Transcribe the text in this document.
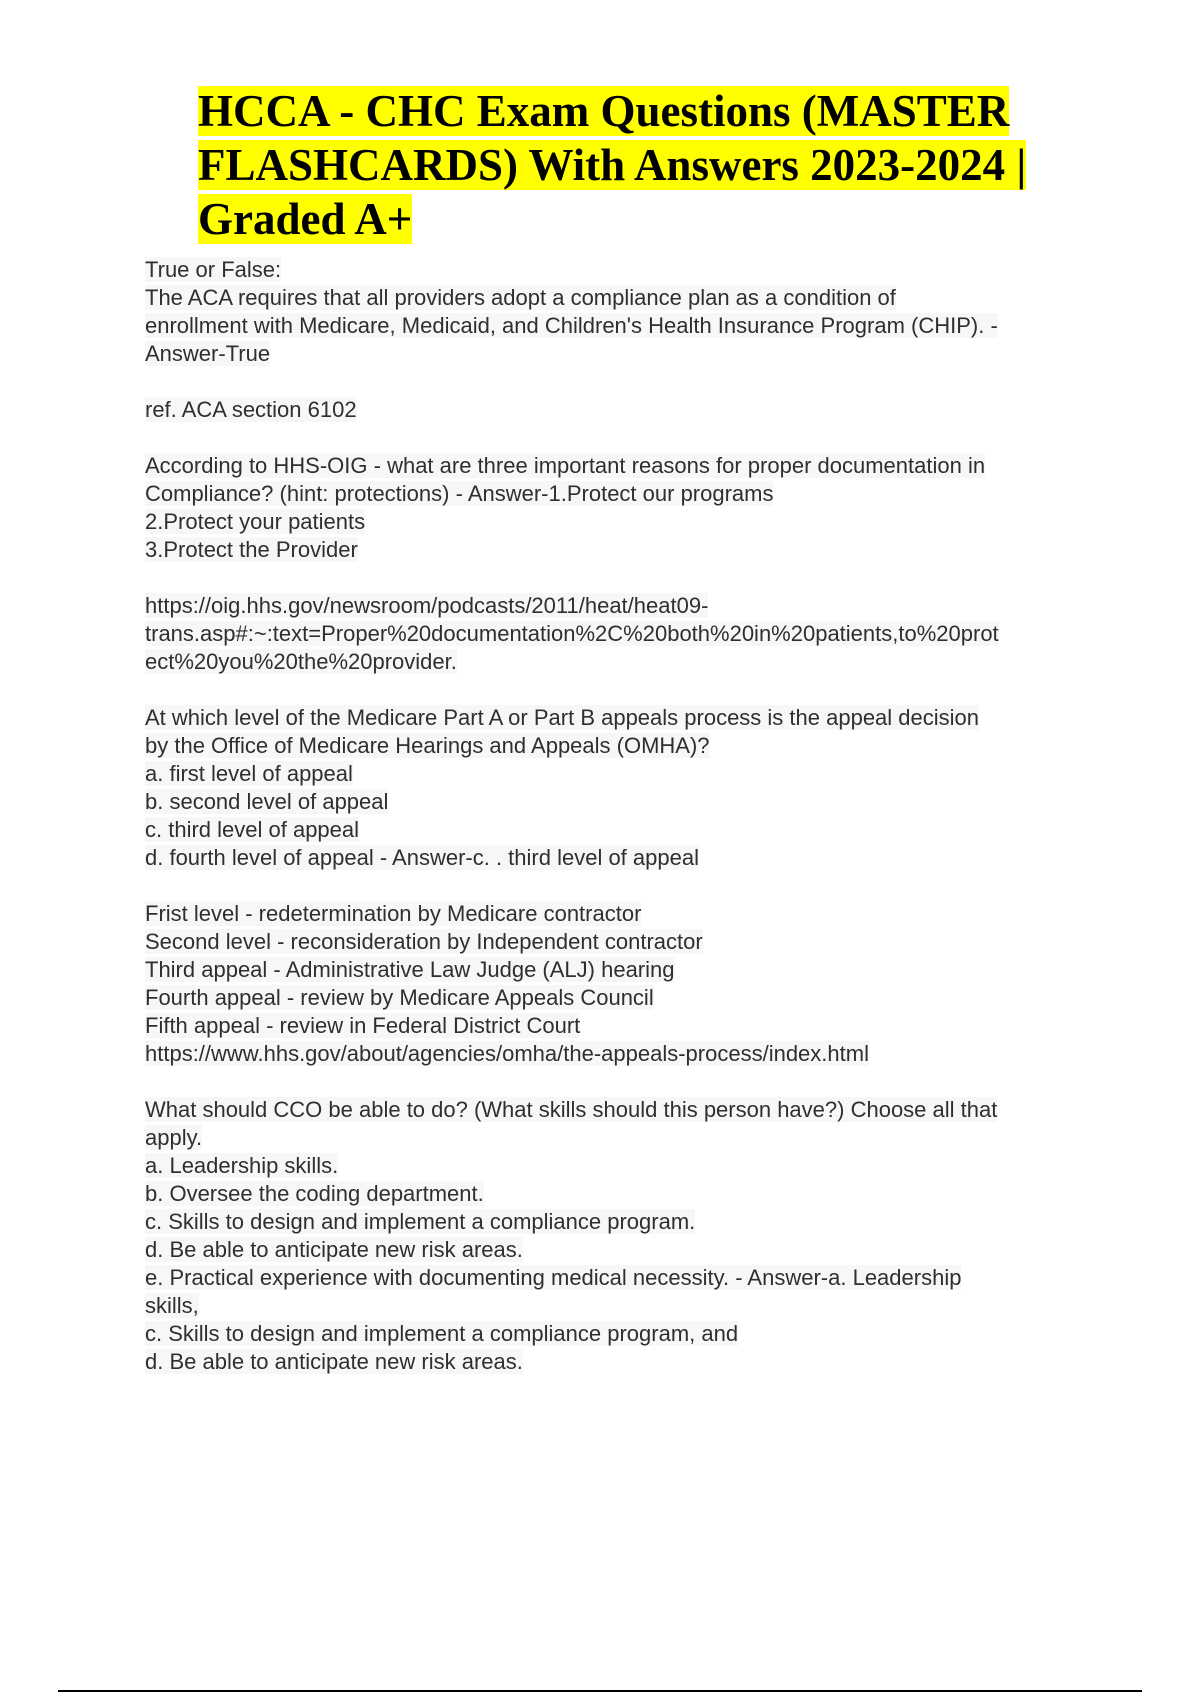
HCCA - CHC Exam Questions (MASTER
FLASHCARDS) With Answers 2023-2024 |
Graded A+
True or False:
The ACA requires that all providers adopt a compliance plan as a condition of
enrollment with Medicare, Medicaid, and Children's Health Insurance Program (CHIP). -
Answer-True
ref. ACA section 6102
According to HHS-OIG - what are three important reasons for proper documentation in
Compliance? (hint: protections) - Answer-1.Protect our programs
2.Protect your patients
3.Protect the Provider
https://oig.hhs.gov/newsroom/podcasts/2011/heat/heat09-
trans.asp#:~:text=Proper%20documentation%2C%20both%20in%20patients,to%20prot
ect%20you%20the%20provider.
At which level of the Medicare Part A or Part B appeals process is the appeal decision
by the Office of Medicare Hearings and Appeals (OMHA)?
a. first level of appeal
b. second level of appeal
c. third level of appeal
d. fourth level of appeal - Answer-c. . third level of appeal
Frist level - redetermination by Medicare contractor
Second level - reconsideration by Independent contractor
Third appeal - Administrative Law Judge (ALJ) hearing
Fourth appeal - review by Medicare Appeals Council
Fifth appeal - review in Federal District Court
https://www.hhs.gov/about/agencies/omha/the-appeals-process/index.html
What should CCO be able to do? (What skills should this person have?) Choose all that
apply.
a. Leadership skills.
b. Oversee the coding department.
c. Skills to design and implement a compliance program.
d. Be able to anticipate new risk areas.
e. Practical experience with documenting medical necessity. - Answer-a. Leadership
skills,
c. Skills to design and implement a compliance program, and
d. Be able to anticipate new risk areas.
